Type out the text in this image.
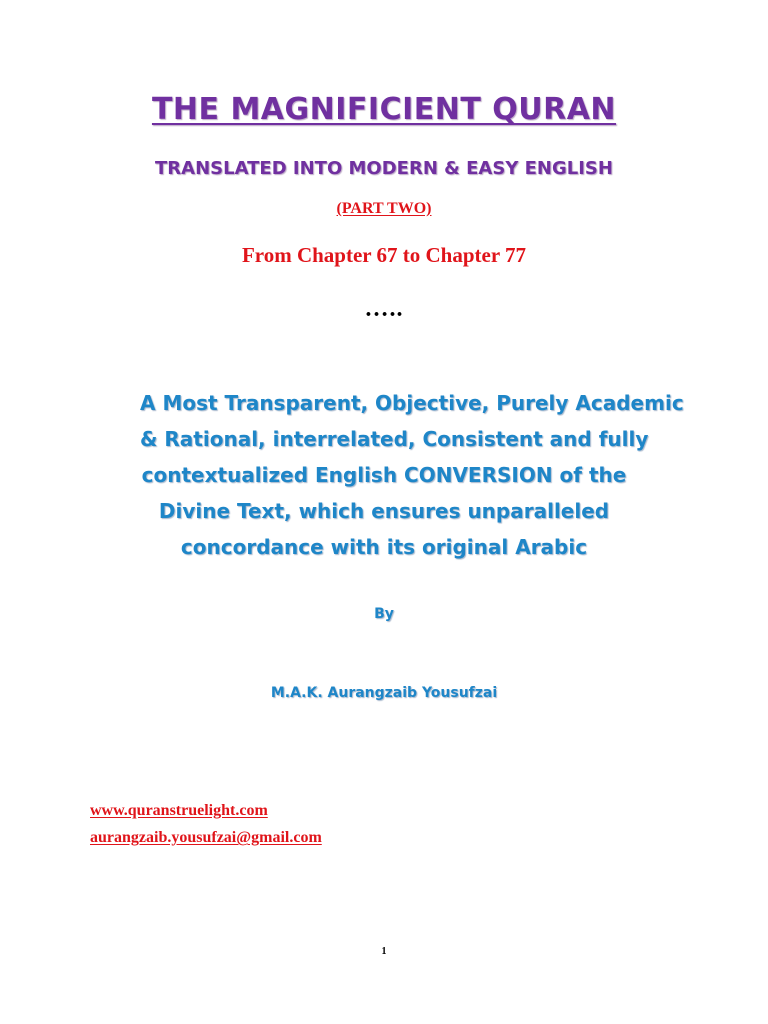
THE MAGNIFICIENT QURAN
TRANSLATED INTO MODERN & EASY ENGLISH
(PART TWO)
From Chapter 67 to Chapter 77
…..
A Most Transparent, Objective, Purely Academic
& Rational, interrelated, Consistent and fully
contextualized English CONVERSION of the
Divine Text, which ensures unparalleled
concordance with its original Arabic
By
M.A.K. Aurangzaib Yousufzai
www.quranstruelight.com
aurangzaib.yousufzai@gmail.com
1
